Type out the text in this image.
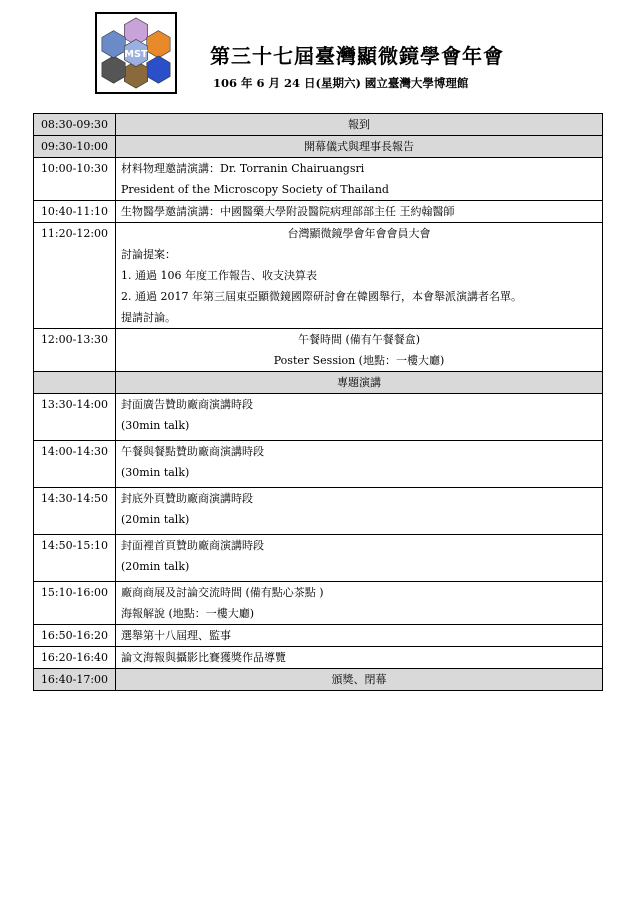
MST	第三十七屆臺灣顯微鏡學會年會
106 年 6 月 24 日(星期六) 國立臺灣大學博理館
08:30-09:30	報到

09:30-10:00	開幕儀式與理事長報告

10:00-10:30	材料物理邀請演講：Dr. Torranin Chairuangsri
President of the Microscopy Society of Thailand

10:40-11:10	生物醫學邀請演講：中國醫藥大學附設醫院病理部部主任 王約翰醫師

11:20-12:00	台灣顯微鏡學會年會會員大會
討論提案：
1. 通過 106 年度工作報告、收支決算表
2. 通過 2017 年第三屆東亞顯微鏡國際研討會在韓國舉行，本會舉派演講者名單。
提請討論。

12:00-13:30	午餐時間 (備有午餐餐盒)
Poster Session (地點：一樓大廳)

	專題演講

13:30-14:00	封面廣告贊助廠商演講時段
(30min talk)

14:00-14:30	午餐與餐點贊助廠商演講時段
(30min talk)

14:30-14:50	封底外頁贊助廠商演講時段
(20min talk)

14:50-15:10	封面裡首頁贊助廠商演講時段
(20min talk)

15:10-16:00	廠商商展及討論交流時間 (備有點心茶點 )
海報解說 (地點：一樓大廳)

16:50-16:20	選舉第十八屆理、監事

16:20-16:40	論文海報與攝影比賽獲獎作品導覽

16:40-17:00	頒獎、閉幕
